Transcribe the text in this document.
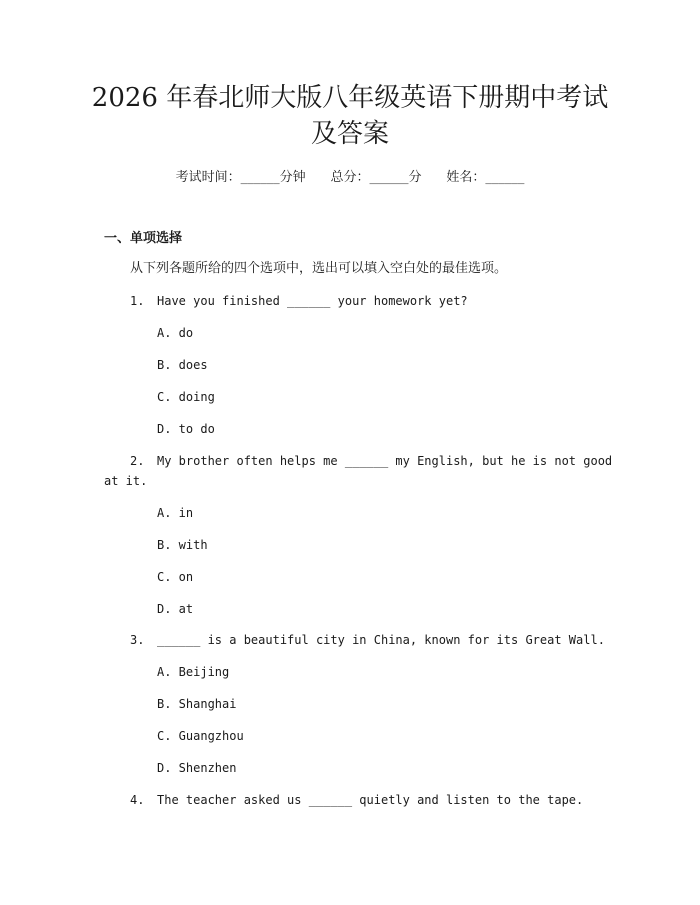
2026 年春北师大版八年级英语下册期中考试
及答案
考试时间：______分钟 总分：______分 姓名：______
一、单项选择
从下列各题所给的四个选项中，选出可以填入空白处的最佳选项。
1. Have you finished ______ your homework yet?
A. do
B. does
C. doing
D. to do
2. My brother often helps me ______ my English, but he is not good
at it.
A. in
B. with
C. on
D. at
3. ______ is a beautiful city in China, known for its Great Wall.
A. Beijing
B. Shanghai
C. Guangzhou
D. Shenzhen
4. The teacher asked us ______ quietly and listen to the tape.
